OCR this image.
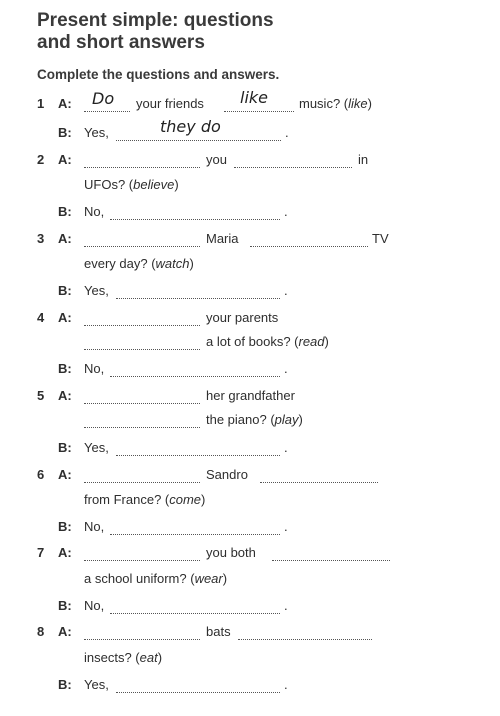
Present simple: questions
and short answers
Complete the questions and answers.
1 A: Do your friends like music? (like)
B: Yes,	they do	.
2 A:	you	in
UFOs? (believe)
B: No,	.
3 A:	Maria	TV
every day? (watch)
B: Yes,	.
4 A:	your parents
a lot of books? (read)
B: No,	.
5 A:	her grandfather
the piano? (play)
B: Yes,	.
6 A:	Sandro
from France? (come)
B: No,	.
7 A:	you both
a school uniform? (wear)
B: No,	.
8 A:	bats
insects? (eat)
B: Yes,	.
